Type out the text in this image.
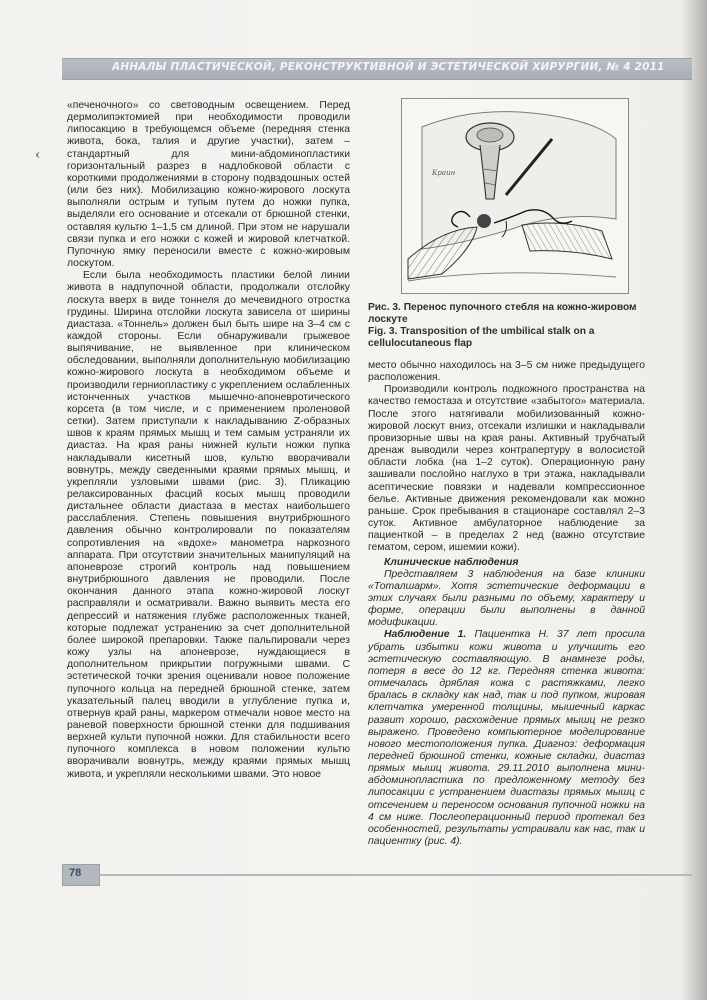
АННАЛЫ ПЛАСТИЧЕСКОЙ, РЕКОНСТРУКТИВНОЙ И ЭСТЕТИЧЕСКОЙ ХИРУРГИИ, № 4 2011

«печеночного» со световодным освещением. Перед дермолипэктомией при необходимости проводили липосакцию в требующемся объеме (передняя стенка живота, бока, талия и другие участки), затем – стандартный для мини-абдоминопластики горизонтальный разрез в надлобковой области с короткими продолжениями в сторону подвздошных остей (или без них). Мобилизацию кожно-жирового лоскута выполняли острым и тупым путем до ножки пупка, выделяли его основание и отсекали от брюшной стенки, оставляя культю 1–1,5 см длиной. При этом не нарушали связи пупка и его ножки с кожей и жировой клетчаткой. Пупочную ямку переносили вместе с кожно-жировым лоскутом.

Если была необходимость пластики белой линии живота в надпупочной области, продолжали отслойку лоскута вверх в виде тоннеля до мечевидного отростка грудины. Ширина отслойки лоскута зависела от ширины диастаза. «Тоннель» должен был быть шире на 3–4 см с каждой стороны. Если обнаруживали грыжевое выпячивание, не выявленное при клиническом обследовании, выполняли дополнительную мобилизацию кожно-жирового лоскута в необходимом объеме и производили герниопластику с укреплением ослабленных истонченных участков мышечно-апоневротического корсета (в том числе, и с применением проленовой сетки). Затем приступали к накладыванию Z-образных швов к краям прямых мышц и тем самым устраняли их диастаз. На края раны нижней культи ножки пупка накладывали кисетный шов, культю вворачивали вовнутрь, между сведенными краями прямых мышц, и укрепляли узловыми швами (рис. 3). Пликацию релаксированных фасций косых мышц проводили дистальнее области диастаза в местах наибольшего расслабления. Степень повышения внутрибрюшного давления обычно контролировали по показателям сопротивления на «вдохе» манометра наркозного аппарата. При отсутствии значительных манипуляций на апоневрозе строгий контроль над повышением внутрибрюшного давления не проводили. После окончания данного этапа кожно-жировой лоскут расправляли и осматривали. Важно выявить места его депрессий и натяжения глубже расположенных тканей, которые подлежат устранению за счет дополнительной более широкой препаровки. Также пальпировали через кожу узлы на апоневрозе, нуждающиеся в дополнительном прикрытии погружными швами. С эстетической точки зрения оценивали новое положение пупочного кольца на передней брюшной стенке, затем указательный палец вводили в углубление пупка и, отвернув край раны, маркером отмечали новое место на раневой поверхности брюшной стенки для подшивания верхней культи пупочной ножки. Для стабильности всего пупочного комплекса в новом положении культю вворачивали вовнутрь, между краями прямых мышц живота, и укрепляли несколькими швами. Это новое

Краин

Рис. 3. Перенос пупочного стебля на кожно-жировом лоскуте

Fig. 3. Transposition of the umbilical stalk on a cellulocutaneous flap

место обычно находилось на 3–5 см ниже предыдущего расположения.

Производили контроль подкожного пространства на качество гемостаза и отсутствие «забытого» материала. После этого натягивали мобилизованный кожно-жировой лоскут вниз, отсекали излишки и накладывали провизорные швы на края раны. Активный трубчатый дренаж выводили через контрапертуру в волосистой области лобка (на 1–2 суток). Операционную рану зашивали послойно наглухо в три этажа, накладывали асептические повязки и надевали компрессионное белье. Активные движения рекомендовали как можно раньше. Срок пребывания в стационаре составлял 2–3 суток. Активное амбулаторное наблюдение за пациенткой – в пределах 2 нед (важно отсутствие гематом, сером, ишемии кожи).

Клинические наблюдения

Представляем 3 наблюдения на базе клиники «Тоталшарм». Хотя эстетические деформации в этих случаях были разными по объему, характеру и форме, операции были выполнены в данной модификации.

Наблюдение 1. Пациентка Н. 37 лет просила убрать избытки кожи живота и улучшить его эстетическую составляющую. В анамнезе роды, потеря в весе до 12 кг. Передняя стенка живота: отмечалась дряблая кожа с растяжками, легко бралась в складку как над, так и под пупком, жировая клетчатка умеренной толщины, мышечный каркас развит хорошо, расхождение прямых мышц не резко выражено. Проведено компьютерное моделирование нового местоположения пупка. Диагноз: деформация передней брюшной стенки, кожные складки, диастаз прямых мышц живота. 29.11.2010 выполнена мини-абдоминопластика по предложенному методу без липосакции с устранением диастазы прямых мышц с отсечением и переносом основания пупочной ножки на 4 см ниже. Послеоперационный период протекал без особенностей, результаты устраивали как нас, так и пациентку (рис. 4).

78
